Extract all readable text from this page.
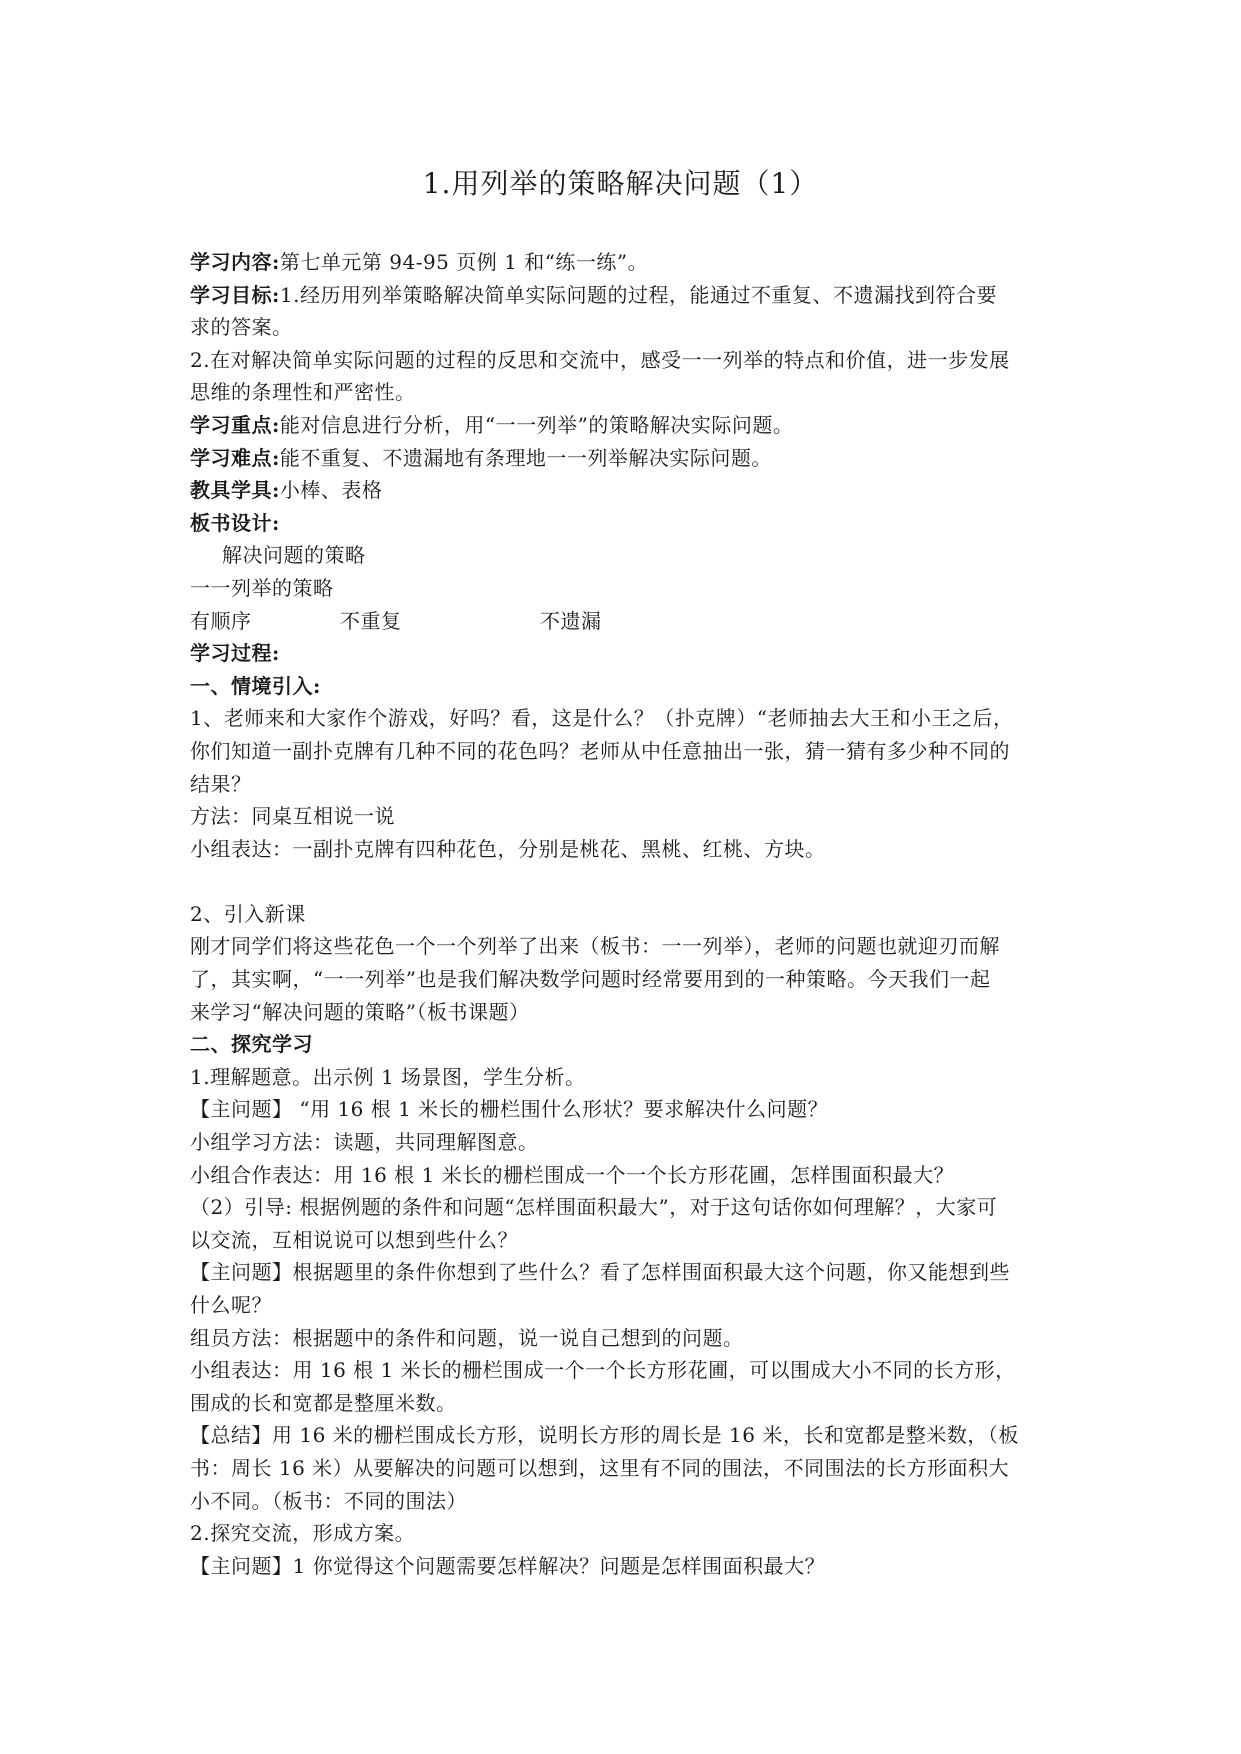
1.用列举的策略解决问题（1）

学习内容:第七单元第 94-95 页例 1 和“练一练”。

学习目标:1.经历用列举策略解决简单实际问题的过程，能通过不重复、不遗漏找到符合要

求的答案。

2.在对解决简单实际问题的过程的反思和交流中，感受一一列举的特点和价值，进一步发展

思维的条理性和严密性。

学习重点:能对信息进行分析，用“一一列举”的策略解决实际问题。

学习难点:能不重复、不遗漏地有条理地一一列举解决实际问题。

教具学具:小棒、表格

板书设计:

解决问题的策略

一一列举的策略

有顺序	不重复	不遗漏

学习过程:

一、情境引入:

1、老师来和大家作个游戏，好吗？看，这是什么？（扑克牌）“老师抽去大王和小王之后，

你们知道一副扑克牌有几种不同的花色吗？老师从中任意抽出一张，猜一猜有多少种不同的

结果？

方法：同桌互相说一说

小组表达：一副扑克牌有四种花色，分别是桃花、黑桃、红桃、方块。

2、引入新课

刚才同学们将这些花色一个一个列举了出来（板书：一一列举），老师的问题也就迎刃而解

了，其实啊，“一一列举”也是我们解决数学问题时经常要用到的一种策略。今天我们一起

来学习“解决问题的策略”（板书课题）

二、探究学习

1.理解题意。出示例 1 场景图，学生分析。

【主问题】 “用 16 根 1 米长的栅栏围什么形状？要求解决什么问题？

小组学习方法：读题，共同理解图意。

小组合作表达：用 16 根 1 米长的栅栏围成一个一个长方形花圃，怎样围面积最大？

（2）引导: 根据例题的条件和问题“怎样围面积最大”，对于这句话你如何理解？，大家可

以交流，互相说说可以想到些什么？

【主问题】根据题里的条件你想到了些什么？看了怎样围面积最大这个问题，你又能想到些

什么呢？

组员方法：根据题中的条件和问题，说一说自己想到的问题。

小组表达：用 16 根 1 米长的栅栏围成一个一个长方形花圃，可以围成大小不同的长方形，

围成的长和宽都是整厘米数。

【总结】用 16 米的栅栏围成长方形，说明长方形的周长是 16 米，长和宽都是整米数，（板

书：周长 16 米）从要解决的问题可以想到，这里有不同的围法，不同围法的长方形面积大

小不同。（板书：不同的围法）

2.探究交流，形成方案。

【主问题】1 你觉得这个问题需要怎样解决？问题是怎样围面积最大？
